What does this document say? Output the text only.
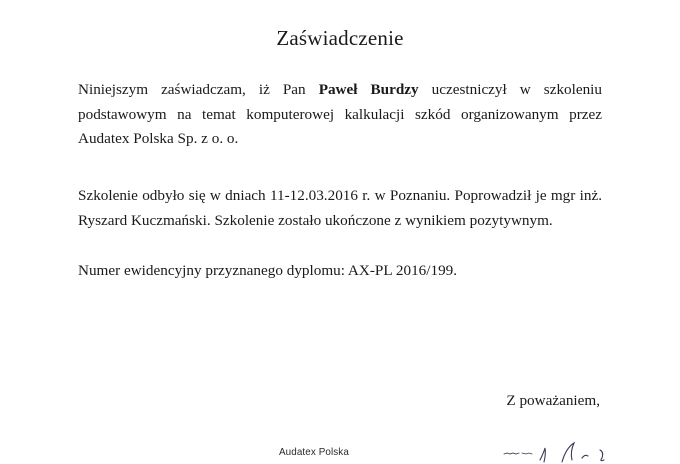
Zaświadczenie

Niniejszym zaświadczam, iż Pan Paweł Burdzy uczestniczył w szkoleniu podstawowym na temat komputerowej kalkulacji szkód organizowanym przez Audatex Polska Sp. z o. o.

Szkolenie odbyło się w dniach 11-12.03.2016 r. w Poznaniu. Poprowadził je mgr inż. Ryszard Kuczmański. Szkolenie zostało ukończone z wynikiem pozytywnym.

Numer ewidencyjny przyznanego dyplomu: AX-PL 2016/199.

Z poważaniem,
Audatex Polska
